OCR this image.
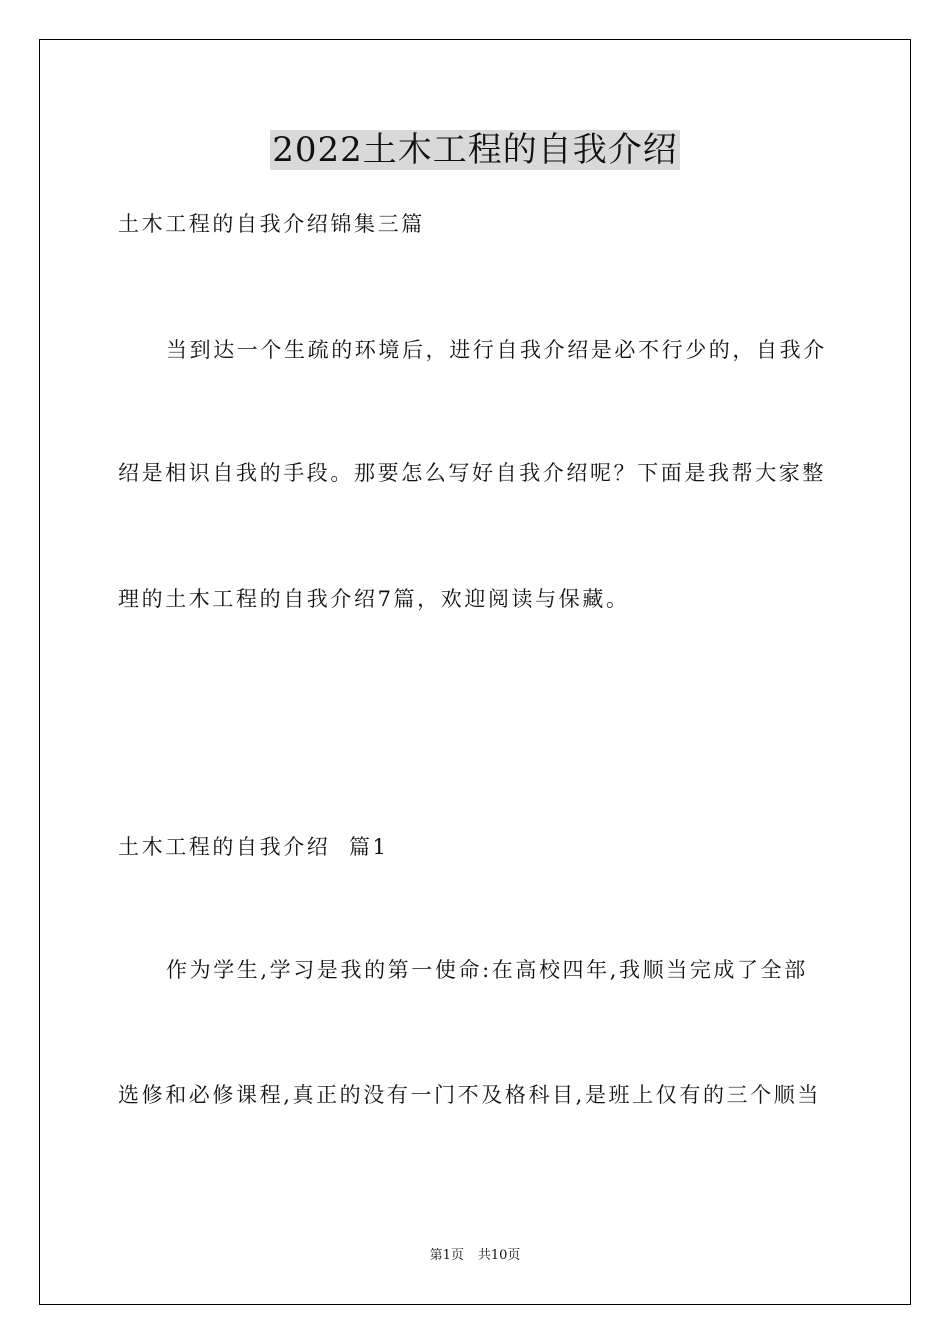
2022土木工程的自我介绍
土木工程的自我介绍锦集三篇
当到达一个生疏的环境后，进行自我介绍是必不行少的，自我介
绍是相识自我的手段。那要怎么写好自我介绍呢？下面是我帮大家整
理的土木工程的自我介绍7篇，欢迎阅读与保藏。
土木工程的自我介绍  篇1
作为学生,学习是我的第一使命:在高校四年,我顺当完成了全部
选修和必修课程,真正的没有一门不及格科目,是班上仅有的三个顺当
第1页 共10页
